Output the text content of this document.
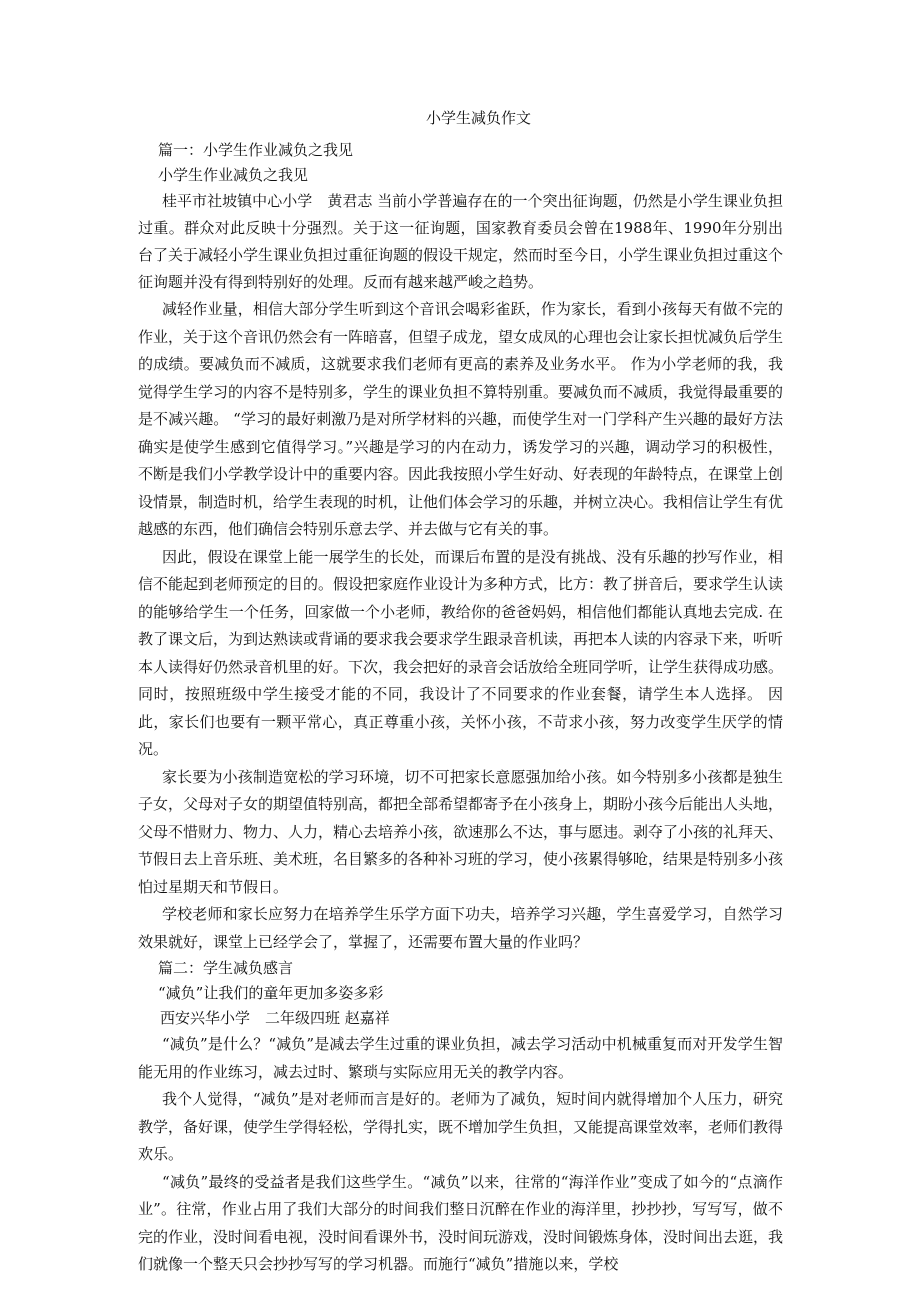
小学生减负作文
篇一：小学生作业减负之我见
小学生作业减负之我见

桂平市社坡镇中心小学　黄君志 当前小学普遍存在的一个突出征询题，仍然是小学生课业负担过重。群众对此反映十分强烈。关于这一征询题，国家教育委员会曾在1988年、1990年分别出台了关于减轻小学生课业负担过重征询题的假设干规定，然而时至今日，小学生课业负担过重这个征询题并没有得到特别好的处理。反而有越来越严峻之趋势。

减轻作业量，相信大部分学生听到这个音讯会喝彩雀跃，作为家长，看到小孩每天有做不完的作业，关于这个音讯仍然会有一阵暗喜，但望子成龙，望女成凤的心理也会让家长担忧减负后学生的成绩。要减负而不减质，这就要求我们老师有更高的素养及业务水平。 作为小学老师的我，我觉得学生学习的内容不是特别多，学生的课业负担不算特别重。要减负而不减质，我觉得最重要的是不减兴趣。 “学习的最好刺激乃是对所学材料的兴趣，而使学生对一门学科产生兴趣的最好方法确实是使学生感到它值得学习。”兴趣是学习的内在动力，诱发学习的兴趣，调动学习的积极性，不断是我们小学教学设计中的重要内容。因此我按照小学生好动、好表现的年龄特点，在课堂上创设情景，制造时机，给学生表现的时机，让他们体会学习的乐趣，并树立决心。我相信让学生有优越感的东西，他们确信会特别乐意去学、并去做与它有关的事。

因此，假设在课堂上能一展学生的长处，而课后布置的是没有挑战、没有乐趣的抄写作业，相信不能起到老师预定的目的。假设把家庭作业设计为多种方式，比方：教了拼音后，要求学生认读的能够给学生一个任务，回家做一个小老师，教给你的爸爸妈妈，相信他们都能认真地去完成. 在教了课文后，为到达熟读或背诵的要求我会要求学生跟录音机读，再把本人读的内容录下来，听听本人读得好仍然录音机里的好。下次，我会把好的录音会话放给全班同学听，让学生获得成功感。同时，按照班级中学生接受才能的不同，我设计了不同要求的作业套餐，请学生本人选择。 因此，家长们也要有一颗平常心，真正尊重小孩，关怀小孩，不苛求小孩，努力改变学生厌学的情况。

家长要为小孩制造宽松的学习环境，切不可把家长意愿强加给小孩。如今特别多小孩都是独生子女，父母对子女的期望值特别高，都把全部希望都寄予在小孩身上，期盼小孩今后能出人头地，父母不惜财力、物力、人力，精心去培养小孩，欲速那么不达，事与愿违。剥夺了小孩的礼拜天、节假日去上音乐班、美术班，名目繁多的各种补习班的学习，使小孩累得够呛，结果是特别多小孩怕过星期天和节假日。

学校老师和家长应努力在培养学生乐学方面下功夫，培养学习兴趣，学生喜爱学习，自然学习效果就好，课堂上已经学会了，掌握了，还需要布置大量的作业吗？

篇二：学生减负感言
“减负”让我们的童年更加多姿多彩
西安兴华小学　二年级四班 赵嘉祥

“减负”是什么？“减负”是减去学生过重的课业负担，减去学习活动中机械重复而对开发学生智能无用的作业练习，减去过时、繁琐与实际应用无关的教学内容。

我个人觉得，“减负”是对老师而言是好的。老师为了减负，短时间内就得增加个人压力，研究教学，备好课，使学生学得轻松，学得扎实，既不增加学生负担，又能提高课堂效率，老师们教得欢乐。

“减负”最终的受益者是我们这些学生。“减负”以来，往常的“海洋作业”变成了如今的“点滴作业”。往常，作业占用了我们大部分的时间我们整日沉醉在作业的海洋里，抄抄抄，写写写，做不完的作业，没时间看电视，没时间看课外书，没时间玩游戏，没时间锻炼身体，没时间出去逛，我们就像一个整天只会抄抄写写的学习机器。而施行“减负”措施以来，学校
